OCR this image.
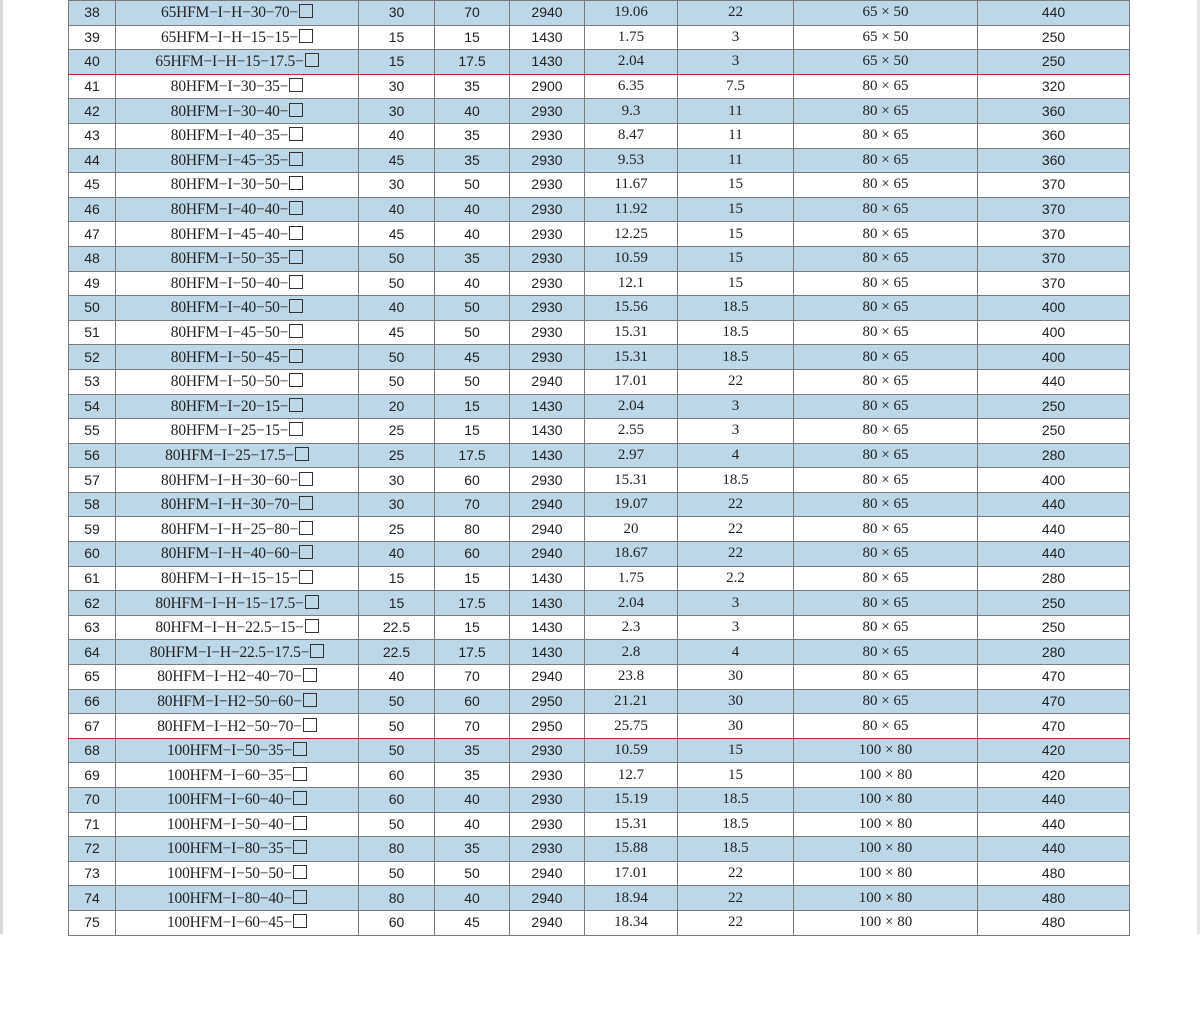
38	65HFM−I−H−30−70−	30	70	2940	19.06	22	65 × 50	440
39	65HFM−I−H−15−15−	15	15	1430	1.75	3	65 × 50	250
40	65HFM−I−H−15−17.5−	15	17.5	1430	2.04	3	65 × 50	250
41	80HFM−I−30−35−	30	35	2900	6.35	7.5	80 × 65	320
42	80HFM−I−30−40−	30	40	2930	9.3	11	80 × 65	360
43	80HFM−I−40−35−	40	35	2930	8.47	11	80 × 65	360
44	80HFM−I−45−35−	45	35	2930	9.53	11	80 × 65	360
45	80HFM−I−30−50−	30	50	2930	11.67	15	80 × 65	370
46	80HFM−I−40−40−	40	40	2930	11.92	15	80 × 65	370
47	80HFM−I−45−40−	45	40	2930	12.25	15	80 × 65	370
48	80HFM−I−50−35−	50	35	2930	10.59	15	80 × 65	370
49	80HFM−I−50−40−	50	40	2930	12.1	15	80 × 65	370
50	80HFM−I−40−50−	40	50	2930	15.56	18.5	80 × 65	400
51	80HFM−I−45−50−	45	50	2930	15.31	18.5	80 × 65	400
52	80HFM−I−50−45−	50	45	2930	15.31	18.5	80 × 65	400
53	80HFM−I−50−50−	50	50	2940	17.01	22	80 × 65	440
54	80HFM−I−20−15−	20	15	1430	2.04	3	80 × 65	250
55	80HFM−I−25−15−	25	15	1430	2.55	3	80 × 65	250
56	80HFM−I−25−17.5−	25	17.5	1430	2.97	4	80 × 65	280
57	80HFM−I−H−30−60−	30	60	2930	15.31	18.5	80 × 65	400
58	80HFM−I−H−30−70−	30	70	2940	19.07	22	80 × 65	440
59	80HFM−I−H−25−80−	25	80	2940	20	22	80 × 65	440
60	80HFM−I−H−40−60−	40	60	2940	18.67	22	80 × 65	440
61	80HFM−I−H−15−15−	15	15	1430	1.75	2.2	80 × 65	280
62	80HFM−I−H−15−17.5−	15	17.5	1430	2.04	3	80 × 65	250
63	80HFM−I−H−22.5−15−	22.5	15	1430	2.3	3	80 × 65	250
64	80HFM−I−H−22.5−17.5−	22.5	17.5	1430	2.8	4	80 × 65	280
65	80HFM−I−H2−40−70−	40	70	2940	23.8	30	80 × 65	470
66	80HFM−I−H2−50−60−	50	60	2950	21.21	30	80 × 65	470
67	80HFM−I−H2−50−70−	50	70	2950	25.75	30	80 × 65	470
68	100HFM−I−50−35−	50	35	2930	10.59	15	100 × 80	420
69	100HFM−I−60−35−	60	35	2930	12.7	15	100 × 80	420
70	100HFM−I−60−40−	60	40	2930	15.19	18.5	100 × 80	440
71	100HFM−I−50−40−	50	40	2930	15.31	18.5	100 × 80	440
72	100HFM−I−80−35−	80	35	2930	15.88	18.5	100 × 80	440
73	100HFM−I−50−50−	50	50	2940	17.01	22	100 × 80	480
74	100HFM−I−80−40−	80	40	2940	18.94	22	100 × 80	480
75	100HFM−I−60−45−	60	45	2940	18.34	22	100 × 80	480
